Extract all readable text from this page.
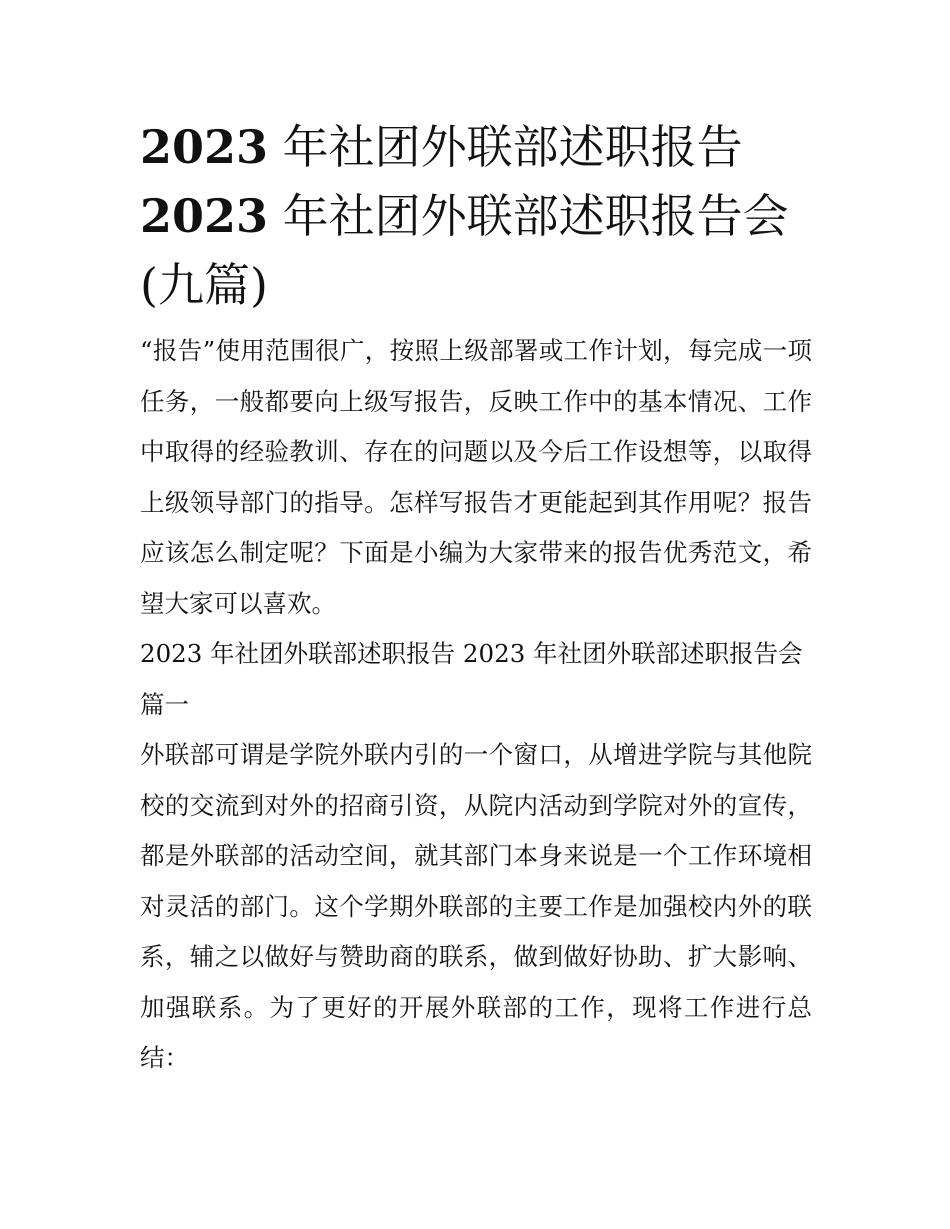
2023 年社团外联部述职报告
2023 年社团外联部述职报告会
(九篇)

“报告”使用范围很广，按照上级部署或工作计划，每完成一项任务，一般都要向上级写报告，反映工作中的基本情况、工作中取得的经验教训、存在的问题以及今后工作设想等，以取得上级领导部门的指导。怎样写报告才更能起到其作用呢？报告应该怎么制定呢？下面是小编为大家带来的报告优秀范文，希望大家可以喜欢。

2023 年社团外联部述职报告 2023 年社团外联部述职报告会篇一

外联部可谓是学院外联内引的一个窗口，从增进学院与其他院校的交流到对外的招商引资，从院内活动到学院对外的宣传，都是外联部的活动空间，就其部门本身来说是一个工作环境相对灵活的部门。这个学期外联部的主要工作是加强校内外的联系，辅之以做好与赞助商的联系，做到做好协助、扩大影响、加强联系。为了更好的开展外联部的工作，现将工作进行总结：
